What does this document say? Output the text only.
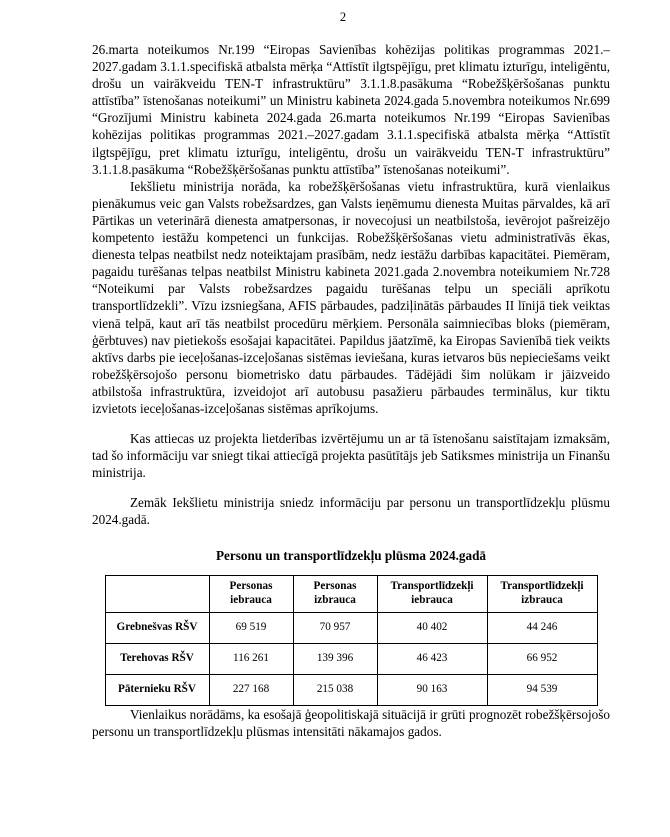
2

26.marta noteikumos Nr.199 “Eiropas Savienības kohēzijas politikas programmas 2021.–2027.gadam 3.1.1.specifiskā atbalsta mērķa “Attīstīt ilgtspējīgu, pret klimatu izturīgu, inteligēntu, drošu un vairākveidu TEN-T infrastruktūru” 3.1.1.8.pasākuma “Robežšķēršošanas punktu attīstība” īstenošanas noteikumi” un Ministru kabineta 2024.gada 5.novembra noteikumos Nr.699 “Grozījumi Ministru kabineta 2024.gada 26.marta noteikumos Nr.199 “Eiropas Savienības kohēzijas politikas programmas 2021.–2027.gadam 3.1.1.specifiskā atbalsta mērķa “Attīstīt ilgtspējīgu, pret klimatu izturīgu, inteligēntu, drošu un vairākveidu TEN-T infrastruktūru” 3.1.1.8.pasākuma “Robežšķēršošanas punktu attīstība” īstenošanas noteikumi”.

Iekšlietu ministrija norāda, ka robežšķēršošanas vietu infrastruktūra, kurā vienlaikus pienākumus veic gan Valsts robežsardzes, gan Valsts ieņēmumu dienesta Muitas pārvaldes, kā arī Pārtikas un veterinārā dienesta amatpersonas, ir novecojusi un neatbilstoša, ievērojot pašreizējo kompetento iestāžu kompetenci un funkcijas. Robežšķēršošanas vietu administratīvās ēkas, dienesta telpas neatbilst nedz noteiktajam prasībām, nedz iestāžu darbības kapacitātei. Piemēram, pagaidu turēšanas telpas neatbilst Ministru kabineta 2021.gada 2.novembra noteikumiem Nr.728 “Noteikumi par Valsts robežsardzes pagaidu turēšanas telpu un speciāli aprīkotu transportlīdzekli”. Vīzu izsniegšana, AFIS pārbaudes, padziļinātās pārbaudes II līnijā tiek veiktas vienā telpā, kaut arī tās neatbilst procedūru mērķiem. Personāla saimniecības bloks (piemēram, ģērbtuves) nav pietiekošs esošajai kapacitātei. Papildus jāatzīmē, ka Eiropas Savienībā tiek veikts aktīvs darbs pie ieceļošanas-izceļošanas sistēmas ieviešana, kuras ietvaros būs nepieciešams veikt robežšķērsojošo personu biometrisko datu pārbaudes. Tādējādi šim nolūkam ir jāizveido atbilstoša infrastruktūra, izveidojot arī autobusu pasažieru pārbaudes terminālus, kur tiktu izvietots ieceļošanas-izceļošanas sistēmas aprīkojums.

Kas attiecas uz projekta lietderības izvērtējumu un ar tā īstenošanu saistītajam izmaksām, tad šo informāciju var sniegt tikai attiecīgā projekta pasūtītājs jeb Satiksmes ministrija un Finanšu ministrija.

Zemāk Iekšlietu ministrija sniedz informāciju par personu un transportlīdzekļu plūsmu 2024.gadā.

Personu un transportlīdzekļu plūsma 2024.gadā
	Personas iebrauca	Personas izbrauca	Transportlīdzekļi iebrauca	Transportlīdzekļi izbrauca
Grebnešvas RŠV	69 519	70 957	40 402	44 246
Terehovas RŠV	116 261	139 396	46 423	66 952
Pāternieku RŠV	227 168	215 038	90 163	94 539

Vienlaikus norādāms, ka esošajā ģeopolitiskajā situācijā ir grūti prognozēt robežšķērsojošo personu un transportlīdzekļu plūsmas intensitāti nākamajos gados.
